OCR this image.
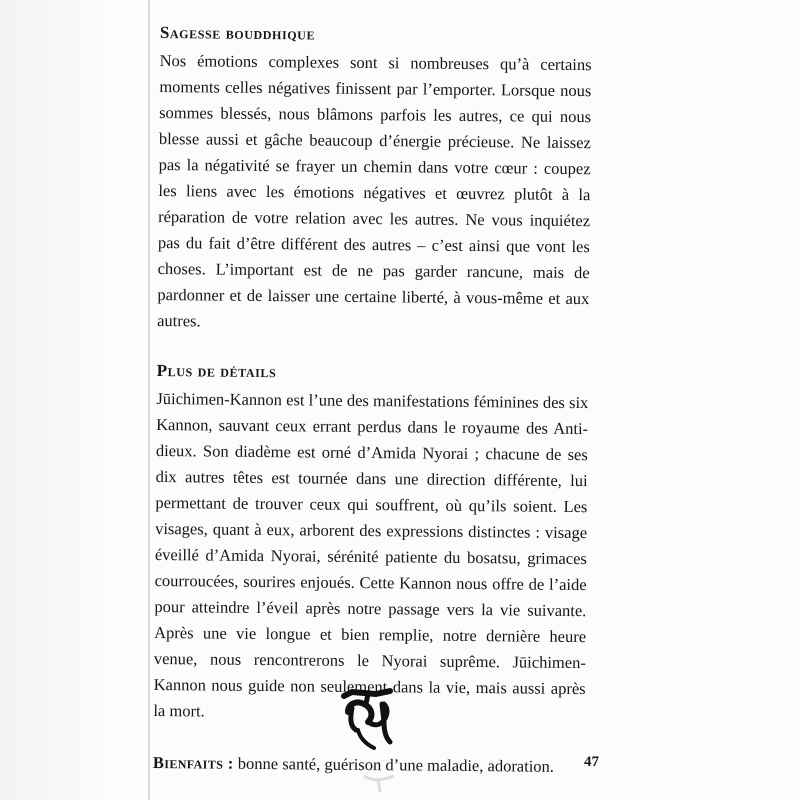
Sagesse bouddhique

Nos émotions complexes sont si nombreuses qu’à certains moments celles négatives finissent par l’emporter. Lorsque nous sommes blessés, nous blâmons parfois les autres, ce qui nous blesse aussi et gâche beaucoup d’énergie précieuse. Ne laissez pas la négativité se frayer un chemin dans votre cœur : coupez les liens avec les émotions négatives et œuvrez plutôt à la réparation de votre relation avec les autres. Ne vous inquiétez pas du fait d’être différent des autres – c’est ainsi que vont les choses. L’important est de ne pas garder rancune, mais de pardonner et de laisser une certaine liberté, à vous-même et aux autres.

Plus de détails

Jūichimen-Kannon est l’une des manifestations féminines des six Kannon, sauvant ceux errant perdus dans le royaume des Anti-dieux. Son diadème est orné d’Amida Nyorai ; chacune de ses dix autres têtes est tournée dans une direction différente, lui permettant de trouver ceux qui souffrent, où qu’ils soient. Les visages, quant à eux, arborent des expressions distinctes : visage éveillé d’Amida Nyorai, sérénité patiente du bosatsu, grimaces courroucées, sourires enjoués. Cette Kannon nous offre de l’aide pour atteindre l’éveil après notre passage vers la vie suivante. Après une vie longue et bien remplie, notre dernière heure venue, nous rencontrerons le Nyorai suprême. Jūichimen-Kannon nous guide non seulement dans la vie, mais aussi après la mort.

Bienfaits : bonne santé, guérison d’une maladie, adoration.	47
